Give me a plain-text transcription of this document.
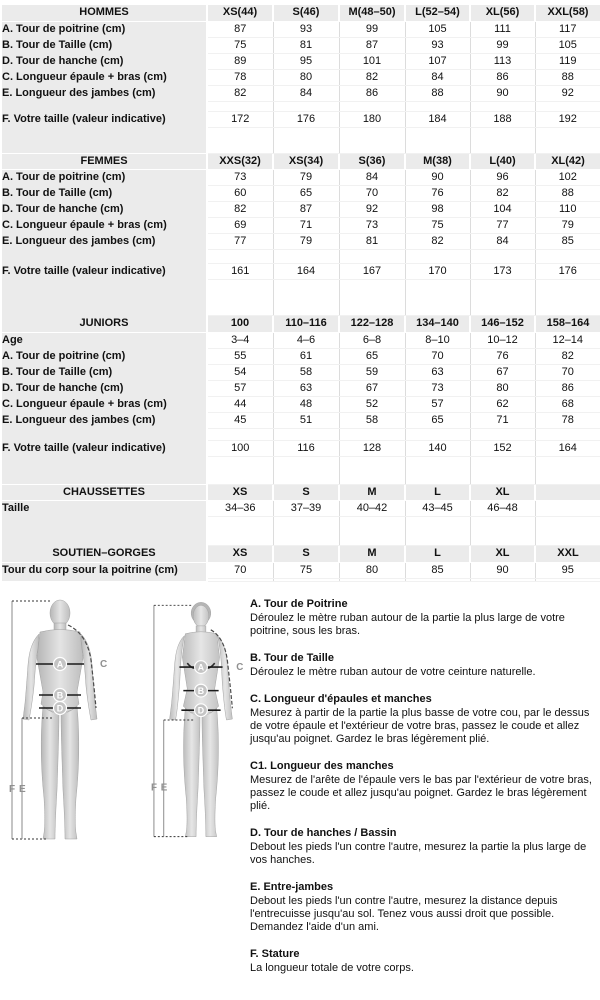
HOMMES	XS(44)	S(46)	M(48–50)	L(52–54)	XL(56)	XXL(58)
A. Tour de poitrine (cm)	87	93	99	105	111	117
B. Tour de Taille (cm)	75	81	87	93	99	105
D. Tour de hanche (cm)	89	95	101	107	113	119
C. Longueur épaule + bras (cm)	78	80	82	84	86	88
E. Longueur des jambes (cm)	82	84	86	88	90	92

F. Votre taille (valeur indicative)	172	176	180	184	188	192

FEMMES	XXS(32)	XS(34)	S(36)	M(38)	L(40)	XL(42)
A. Tour de poitrine (cm)	73	79	84	90	96	102
B. Tour de Taille (cm)	60	65	70	76	82	88
D. Tour de hanche (cm)	82	87	92	98	104	110
C. Longueur épaule + bras (cm)	69	71	73	75	77	79
E. Longueur des jambes (cm)	77	79	81	82	84	85

F. Votre taille (valeur indicative)	161	164	167	170	173	176

JUNIORS	100	110–116	122–128	134–140	146–152	158–164
Age	3–4	4–6	6–8	8–10	10–12	12–14
A. Tour de poitrine (cm)	55	61	65	70	76	82
B. Tour de Taille (cm)	54	58	59	63	67	70
D. Tour de hanche (cm)	57	63	67	73	80	86
C. Longueur épaule + bras (cm)	44	48	52	57	62	68
E. Longueur des jambes (cm)	45	51	58	65	71	78

F. Votre taille (valeur indicative)	100	116	128	140	152	164

CHAUSSETTES	XS	S	M	L	XL	
Taille	34–36	37–39	40–42	43–45	46–48	

SOUTIEN–GORGES	XS	S	M	L	XL	XXL
Tour du corp sour la poitrine (cm)	70	75	80	85	90	95

A
B
D
C
F E
A
B
D
C
F E
A. Tour de Poitrine
Déroulez le mètre ruban autour de la partie la plus large de votre poitrine, sous les bras.
B. Tour de Taille
Déroulez le mètre ruban autour de votre ceinture naturelle.
C. Longueur d'épaules et manches
Mesurez à partir de la partie la plus basse de votre cou, par le dessus de votre épaule et l'extérieur de votre bras, passez le coude et allez jusqu'au poignet. Gardez le bras légèrement plié.
C1. Longueur des manches
Mesurez de l'arête de l'épaule vers le bas par l'extérieur de votre bras, passez le coude et allez jusqu'au poignet. Gardez le bras légèrement plié.
D. Tour de hanches / Bassin
Debout les pieds l'un contre l'autre, mesurez la partie la plus large de vos hanches.
E. Entre-jambes
Debout les pieds l'un contre l'autre, mesurez la distance depuis l'entrecuisse jusqu'au sol. Tenez vous aussi droit que possible. Demandez l'aide d'un ami.
F. Stature
La longueur totale de votre corps.
